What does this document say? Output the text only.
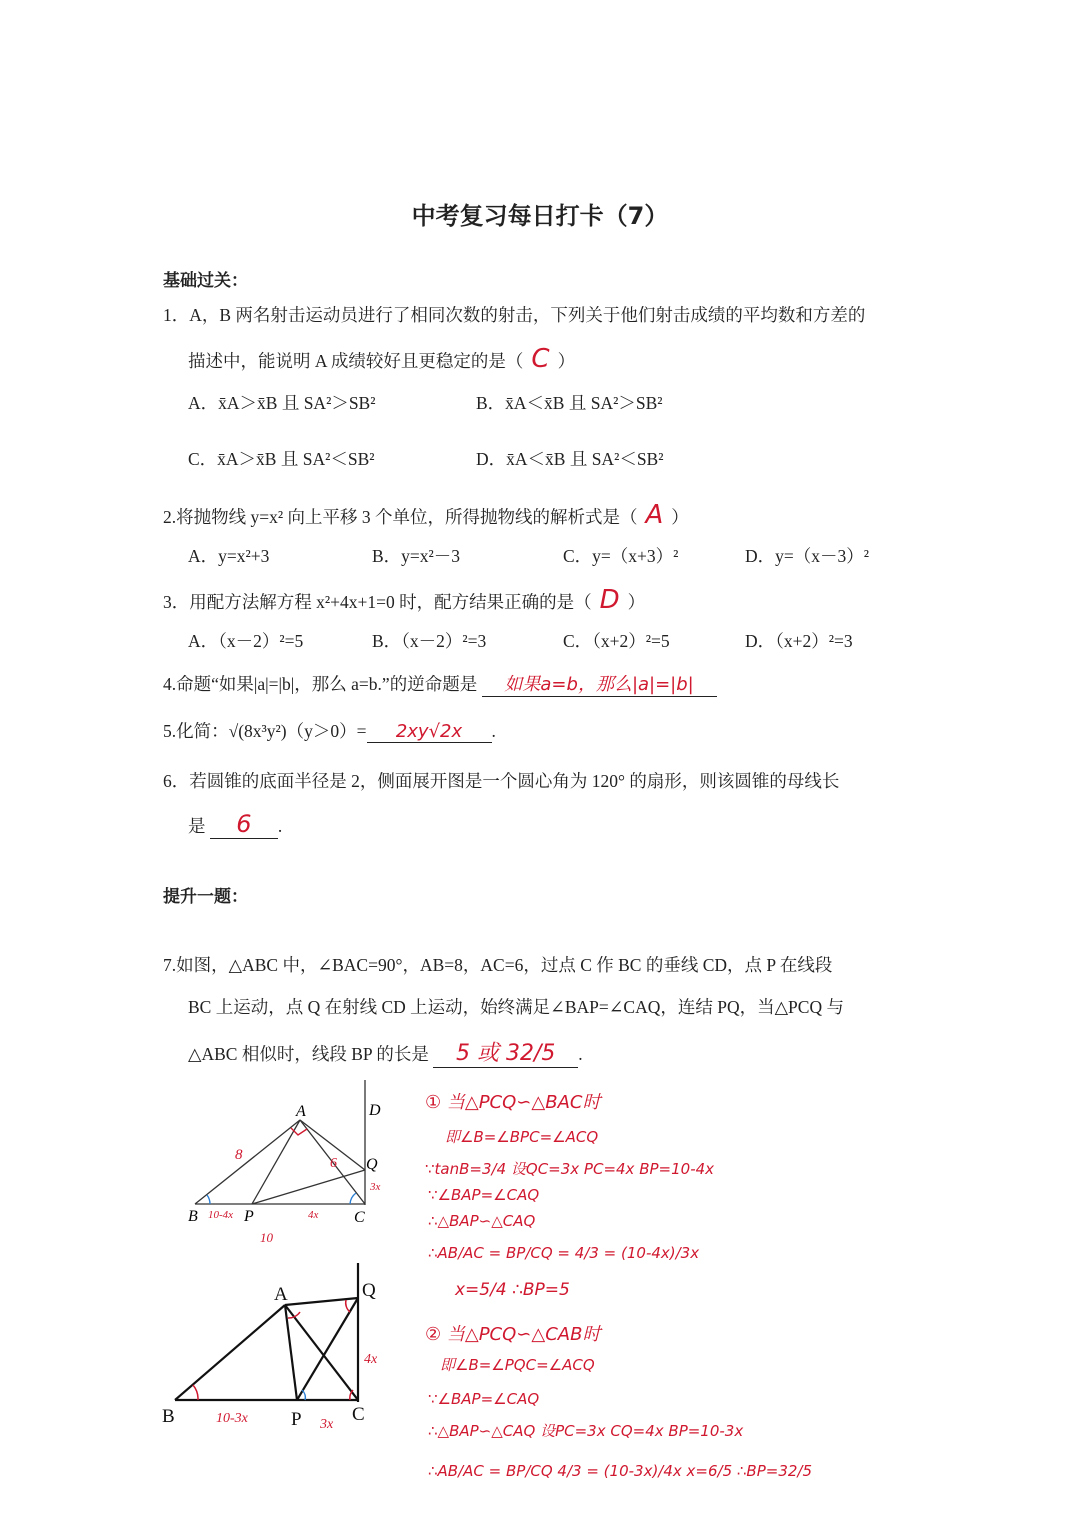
中考复习每日打卡（7）
基础过关：
1．A，B 两名射击运动员进行了相同次数的射击，下列关于他们射击成绩的平均数和方差的
描述中，能说明 A 成绩较好且更稳定的是（ C ）
A．x̄A＞x̄B 且 SA²＞SB²	B．x̄A＜x̄B 且 SA²＞SB²
C．x̄A＞x̄B 且 SA²＜SB²	D．x̄A＜x̄B 且 SA²＜SB²
2.将抛物线 y=x² 向上平移 3 个单位，所得抛物线的解析式是（ A ）
A．y=x²+3	B．y=x²－3	C．y=（x+3）²	D．y=（x－3）²
3．用配方法解方程 x²+4x+1=0 时，配方结果正确的是（ D ）
A．（x－2）²=5	B．（x－2）²=3	C．（x+2）²=5	D．（x+2）²=3
4.命题“如果|a|=|b|，那么 a=b.”的逆命题是 如果a=b，那么|a|=|b|
5.化简：√(8x³y²)（y＞0）= 2xy√2x .
6．若圆锥的底面半径是 2，侧面展开图是一个圆心角为 120° 的扇形，则该圆锥的母线长
是 6 .
提升一题：
7.如图，△ABC 中，∠BAC=90°，AB=8，AC=6，过点 C 作 BC 的垂线 CD，点 P 在线段
BC 上运动，点 Q 在射线 CD 上运动，始终满足∠BAP=∠CAQ，连结 PQ，当△PCQ 与
△ABC 相似时，线段 BP 的长是 5 或 32/5 .
A
B	C
D
P
Q
8
6
10-4x	4x
3x
10
A
B	C
P
Q
10-3x	3x
4x
① 当△PCQ∽△BAC时
即∠B=∠BPC=∠ACQ
∵tanB=3/4 设QC=3x PC=4x BP=10-4x
∵∠BAP=∠CAQ
∴△BAP∽△CAQ
∴AB/AC = BP/CQ = 4/3 = (10-4x)/3x
x=5/4 ∴BP=5
② 当△PCQ∽△CAB时
即∠B=∠PQC=∠ACQ
∵∠BAP=∠CAQ
∴△BAP∽△CAQ 设PC=3x CQ=4x BP=10-3x
∴AB/AC = BP/CQ 4/3 = (10-3x)/4x x=6/5 ∴BP=32/5
